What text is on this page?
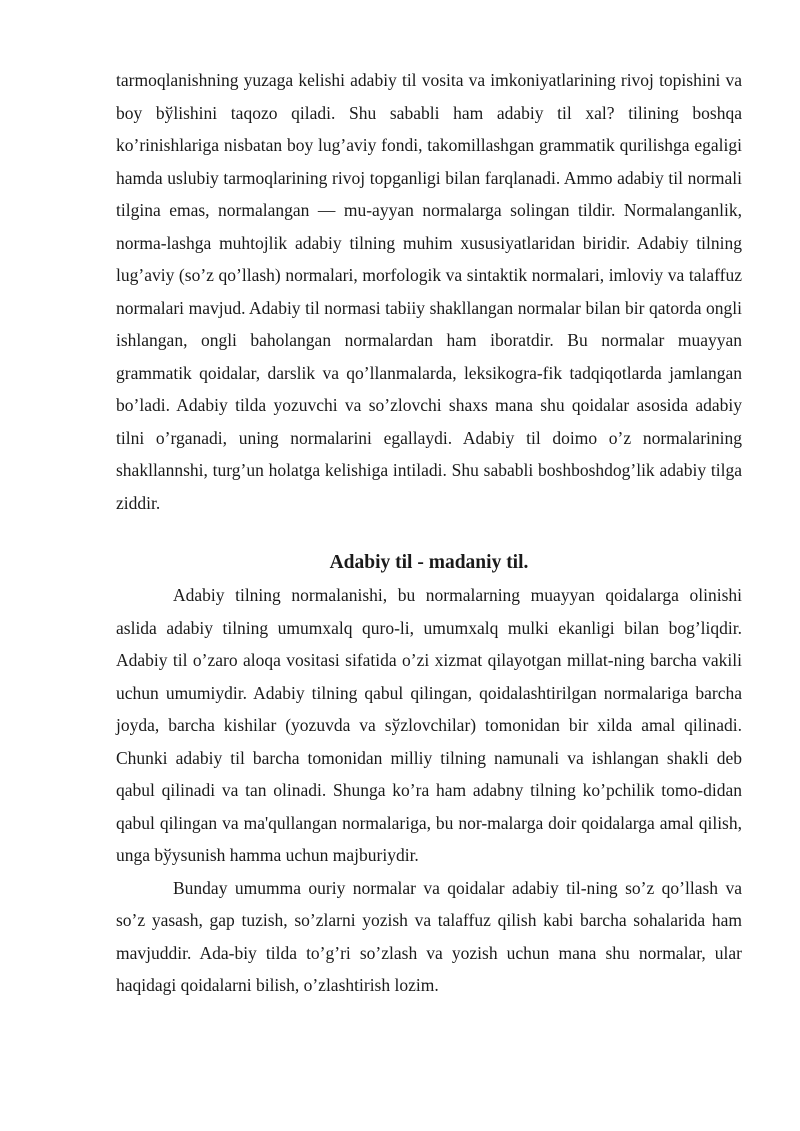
tarmoqlanishning yuzaga kelishi adabiy til vosita va imkoniyatlarining rivoj topishini va boy bўlishini taqozo qiladi. Shu sababli ham adabiy til xal? tilining boshqa ko’rinishlariga nisbatan boy lug’aviy fondi, takomillashgan grammatik qurilishga egaligi hamda uslubiy tarmoqlarining rivoj topganligi bilan farqlanadi. Ammo adabiy til normali tilgina emas, normalangan — mu-ayyan normalarga solingan tildir. Normalanganlik, norma-lashga muhtojlik adabiy tilning muhim xususiyatlaridan biridir. Adabiy tilning lug’aviy (so’z qo’llash) normalari, morfologik va sintaktik normalari, imloviy va talaffuz normalari mavjud. Adabiy til normasi tabiiy shakllangan normalar bilan bir qatorda ongli ishlangan, ongli baholangan normalardan ham iboratdir. Bu normalar muayyan grammatik qoidalar, darslik va qo’llanmalarda, leksikogra-fik tadqiqotlarda jamlangan bo’ladi. Adabiy tilda yozuvchi va so’zlovchi shaxs mana shu qoidalar asosida adabiy tilni o’rganadi, uning normalarini egallaydi. Adabiy til doimo o’z normalarining shakllannshi, turg’un holatga kelishiga intiladi. Shu sababli boshboshdog’lik adabiy tilga ziddir.

Adabiy til - madaniy til.

Adabiy tilning normalanishi, bu normalarning muayyan qoidalarga olinishi aslida adabiy tilning umumxalq quro-li, umumxalq mulki ekanligi bilan bog’liqdir. Adabiy til o’zaro aloqa vositasi sifatida o’zi xizmat qilayotgan millat-ning barcha vakili uchun umumiydir. Adabiy tilning qabul qilingan, qoidalashtirilgan normalariga barcha joyda, barcha kishilar (yozuvda va sўzlovchilar) tomonidan bir xilda amal qilinadi. Chunki adabiy til barcha tomonidan milliy tilning namunali va ishlangan shakli deb qabul qilinadi va tan olinadi. Shunga ko’ra ham adabny tilning ko’pchilik tomo-didan qabul qilingan va ma'qullangan normalariga, bu nor-malarga doir qoidalarga amal qilish, unga bўysunish hamma uchun majburiydir.

Bunday umumma ouriy normalar va qoidalar adabiy til-ning so’z qo’llash va so’z yasash, gap tuzish, so’zlarni yozish va talaffuz qilish kabi barcha sohalarida ham mavjuddir. Ada-biy tilda to’g’ri so’zlash va yozish uchun mana shu normalar, ular haqidagi qoidalarni bilish, o’zlashtirish lozim.
